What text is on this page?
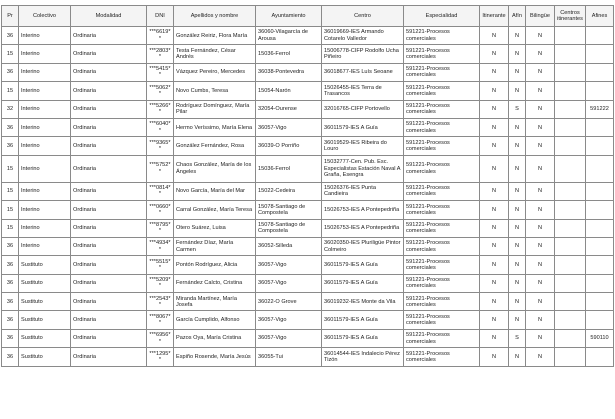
Pr	Colectivo	Modalidad	DNI	Apellidos y nombre	Ayuntamiento	Centro	Especialidad	Itinerante	Afín	Bilingüe	Centros itinerantes	Afines
36	Interino	Ordinaria	***6619**	González Reiriz, Flora María	36060-Vilagarcía de Arousa	36019669-IES Armando Cotarelo Valledor	591221-Procesos comerciales	N	N	N		
15	Interino	Ordinaria	***2803**	Testa Fernández, César Andrés	15036-Ferrol	15006778-CIFP Rodolfo Ucha Piñeiro	591221-Procesos comerciales	N	N	N		
36	Interino	Ordinaria	***5415**	Vázquez Pereiro, Mercedes	36038-Pontevedra	36018677-IES Luís Seoane	591221-Procesos comerciales	N	N	N		
15	Interino	Ordinaria	***5062**	Novo Cumbs, Teresa	15054-Narón	15026455-IES Terra de Trasancos	591221-Procesos comerciales	N	N	N		
32	Interino	Ordinaria	***5266**	Rodríguez Domínguez, María Pilar	32054-Ourense	32016765-CIFP Portovello	591221-Procesos comerciales	N	S	N		591222
36	Interino	Ordinaria	***6040**	Hermo Veríssimo, María Elena	36057-Vigo	36011579-IES A Guía	591221-Procesos comerciales	N	N	N		
36	Interino	Ordinaria	***9365**	González Fernández, Rosa	36039-O Porriño	36019529-IES Ribeira do Louro	591221-Procesos comerciales	N	N	N		
15	Interino	Ordinaria	***5752**	Chaos González, María de los Ángeles	15036-Ferrol	15032777-Cen. Pub. Esc. Especialistas Estación Naval A Graña, Esengra	591221-Procesos comerciales	N	N	N		
15	Interino	Ordinaria	***0814**	Novo García, María del Mar	15022-Cedeira	15026376-IES Punta Candieira	591221-Procesos comerciales	N	N	N		
15	Interino	Ordinaria	***0660**	Carral González, María Teresa	15078-Santiago de Compostela	15026753-IES A Pontepedriña	591221-Procesos comerciales	N	N	N		
15	Interino	Ordinaria	***8795**	Otero Suárez, Luisa	15078-Santiago de Compostela	15026753-IES A Pontepedriña	591221-Procesos comerciales	N	N	N		
36	Interino	Ordinaria	***4934**	Fernández Díaz, María Carmen	36052-Silleda	36020350-IES Pluriligüe Pintor Colmeiro	591221-Procesos comerciales	N	N	N		
36	Sustituto	Ordinaria	***5515**	Pontón Rodríguez, Alicia	36057-Vigo	36011579-IES A Guía	591221-Procesos comerciales	N	N	N		
36	Sustituto	Ordinaria	***5209**	Fernández Calcto, Cristina	36057-Vigo	36011579-IES A Guía	591221-Procesos comerciales	N	N	N		
36	Sustituto	Ordinaria	***2543**	Miranda Martínez, María Josefa	36022-O Grove	36019232-IES Monte da Vila	591221-Procesos comerciales	N	N	N		
36	Sustituto	Ordinaria	***8067**	García Cumplido, Alfonso	36057-Vigo	36011579-IES A Guía	591221-Procesos comerciales	N	N	N		
36	Sustituto	Ordinaria	***6956**	Pazos Oya, María Cristina	36057-Vigo	36011579-IES A Guía	591221-Procesos comerciales	N	S	N		590110
36	Sustituto	Ordinaria	***1295**	Espiño Rosende, María Jesús	36055-Tui	36014544-IES Indalecio Pérez Tizón	591221-Procesos comerciales	N	N	N		
